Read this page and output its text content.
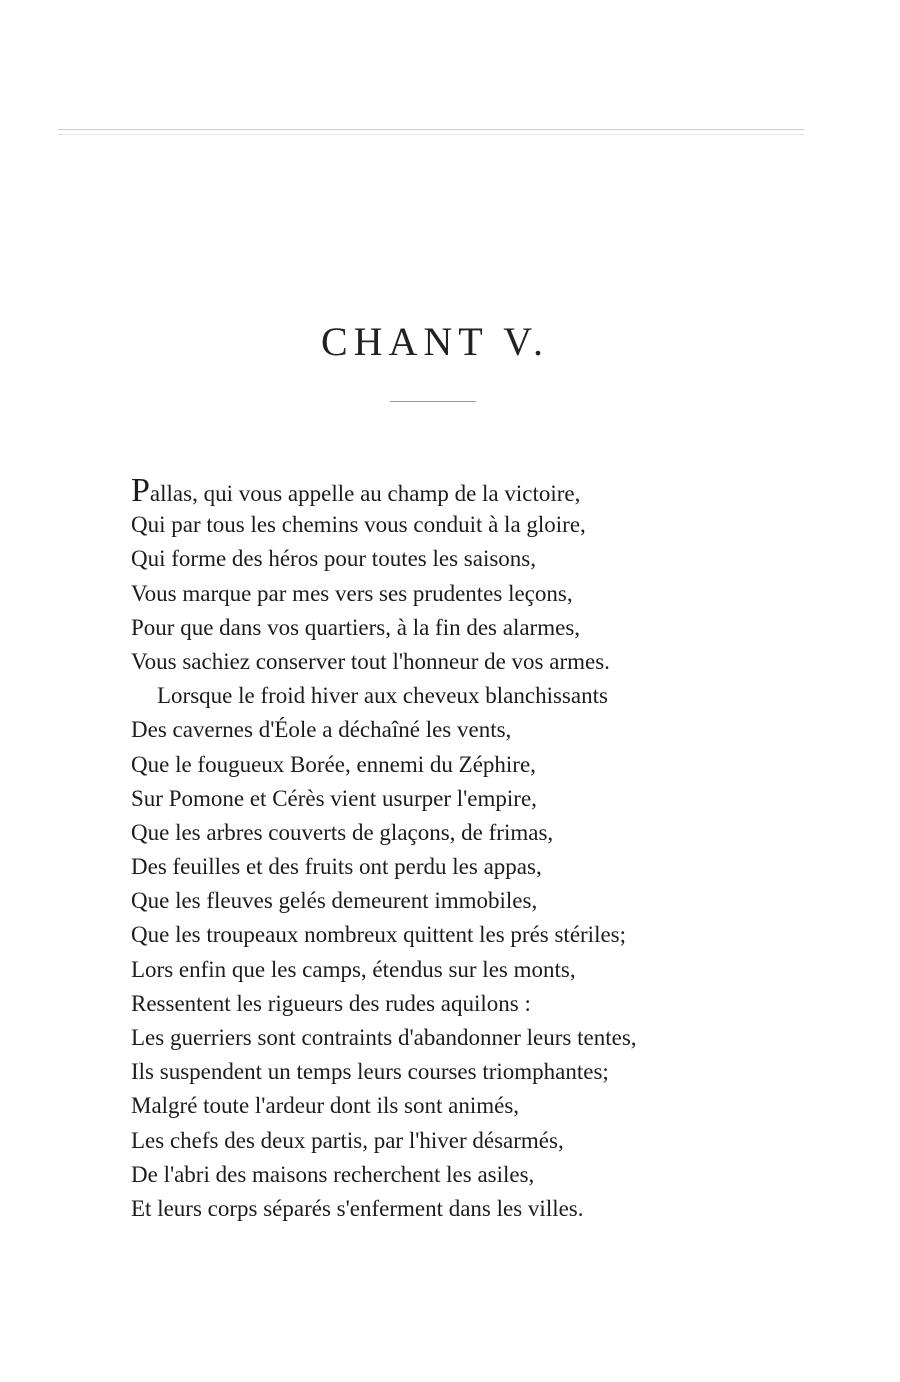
CHANT V.
Pallas, qui vous appelle au champ de la victoire,
Qui par tous les chemins vous conduit à la gloire,
Qui forme des héros pour toutes les saisons,
Vous marque par mes vers ses prudentes leçons,
Pour que dans vos quartiers, à la fin des alarmes,
Vous sachiez conserver tout l'honneur de vos armes.
Lorsque le froid hiver aux cheveux blanchissants
Des cavernes d'Éole a déchaîné les vents,
Que le fougueux Borée, ennemi du Zéphire,
Sur Pomone et Cérès vient usurper l'empire,
Que les arbres couverts de glaçons, de frimas,
Des feuilles et des fruits ont perdu les appas,
Que les fleuves gelés demeurent immobiles,
Que les troupeaux nombreux quittent les prés stériles;
Lors enfin que les camps, étendus sur les monts,
Ressentent les rigueurs des rudes aquilons :
Les guerriers sont contraints d'abandonner leurs tentes,
Ils suspendent un temps leurs courses triomphantes;
Malgré toute l'ardeur dont ils sont animés,
Les chefs des deux partis, par l'hiver désarmés,
De l'abri des maisons recherchent les asiles,
Et leurs corps séparés s'enferment dans les villes.
